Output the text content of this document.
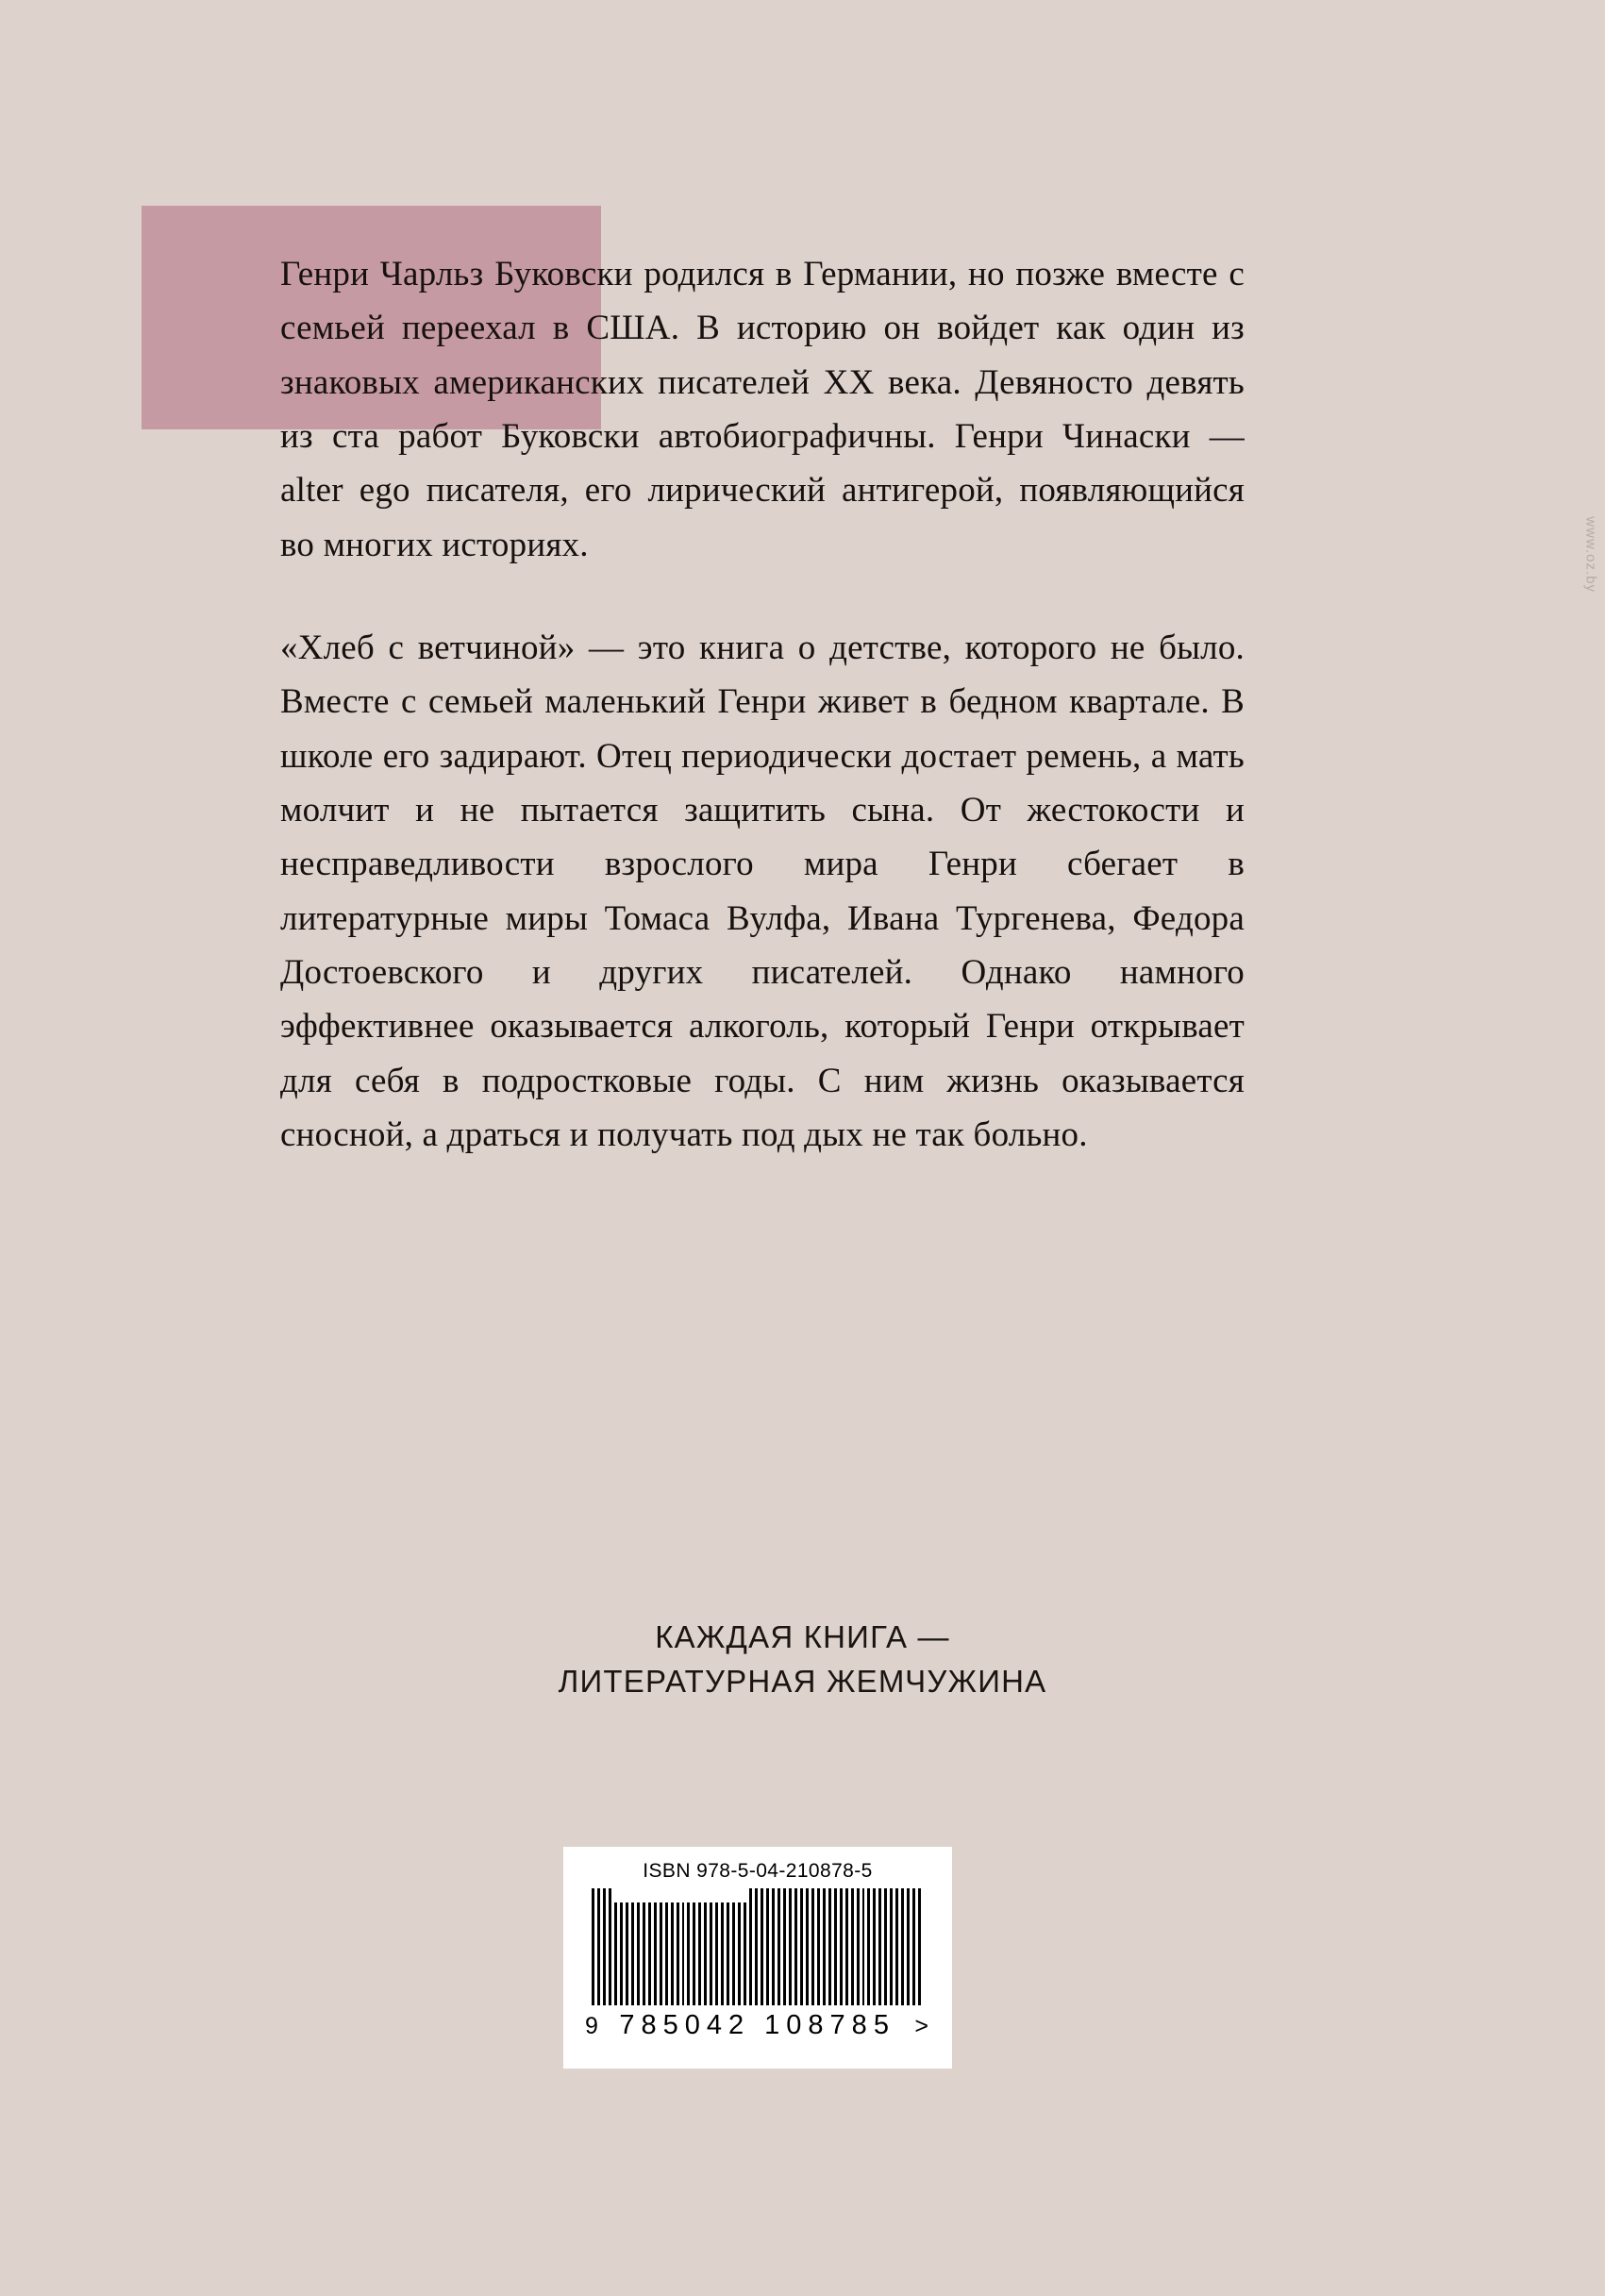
Генри Чарльз Буковски родился в Германии, но позже вместе с семьей переехал в США. В историю он войдет как один из знаковых американских писателей XX века. Девяносто девять из ста работ Буковски автобиографичны. Генри Чинаски — alter ego писателя, его лирический антигерой, появляющийся во многих историях.

«Хлеб с ветчиной» — это книга о детстве, которого не было. Вместе с семьей маленький Генри живет в бедном квартале. В школе его задирают. Отец периодически достает ремень, а мать молчит и не пытается защитить сына. От жестокости и несправедливости взрослого мира Генри сбегает в литературные миры Томаса Вулфа, Ивана Тургенева, Федора Достоевского и других писателей. Однако намного эффективнее оказывается алкоголь, который Генри открывает для себя в подростковые годы. С ним жизнь оказывается сносной, а драться и получать под дых не так больно.

КАЖДАЯ КНИГА —
ЛИТЕРАТУРНАЯ ЖЕМЧУЖИНА
ISBN 978-5-04-210878-5
9 785042 108785 >
www.oz.by
